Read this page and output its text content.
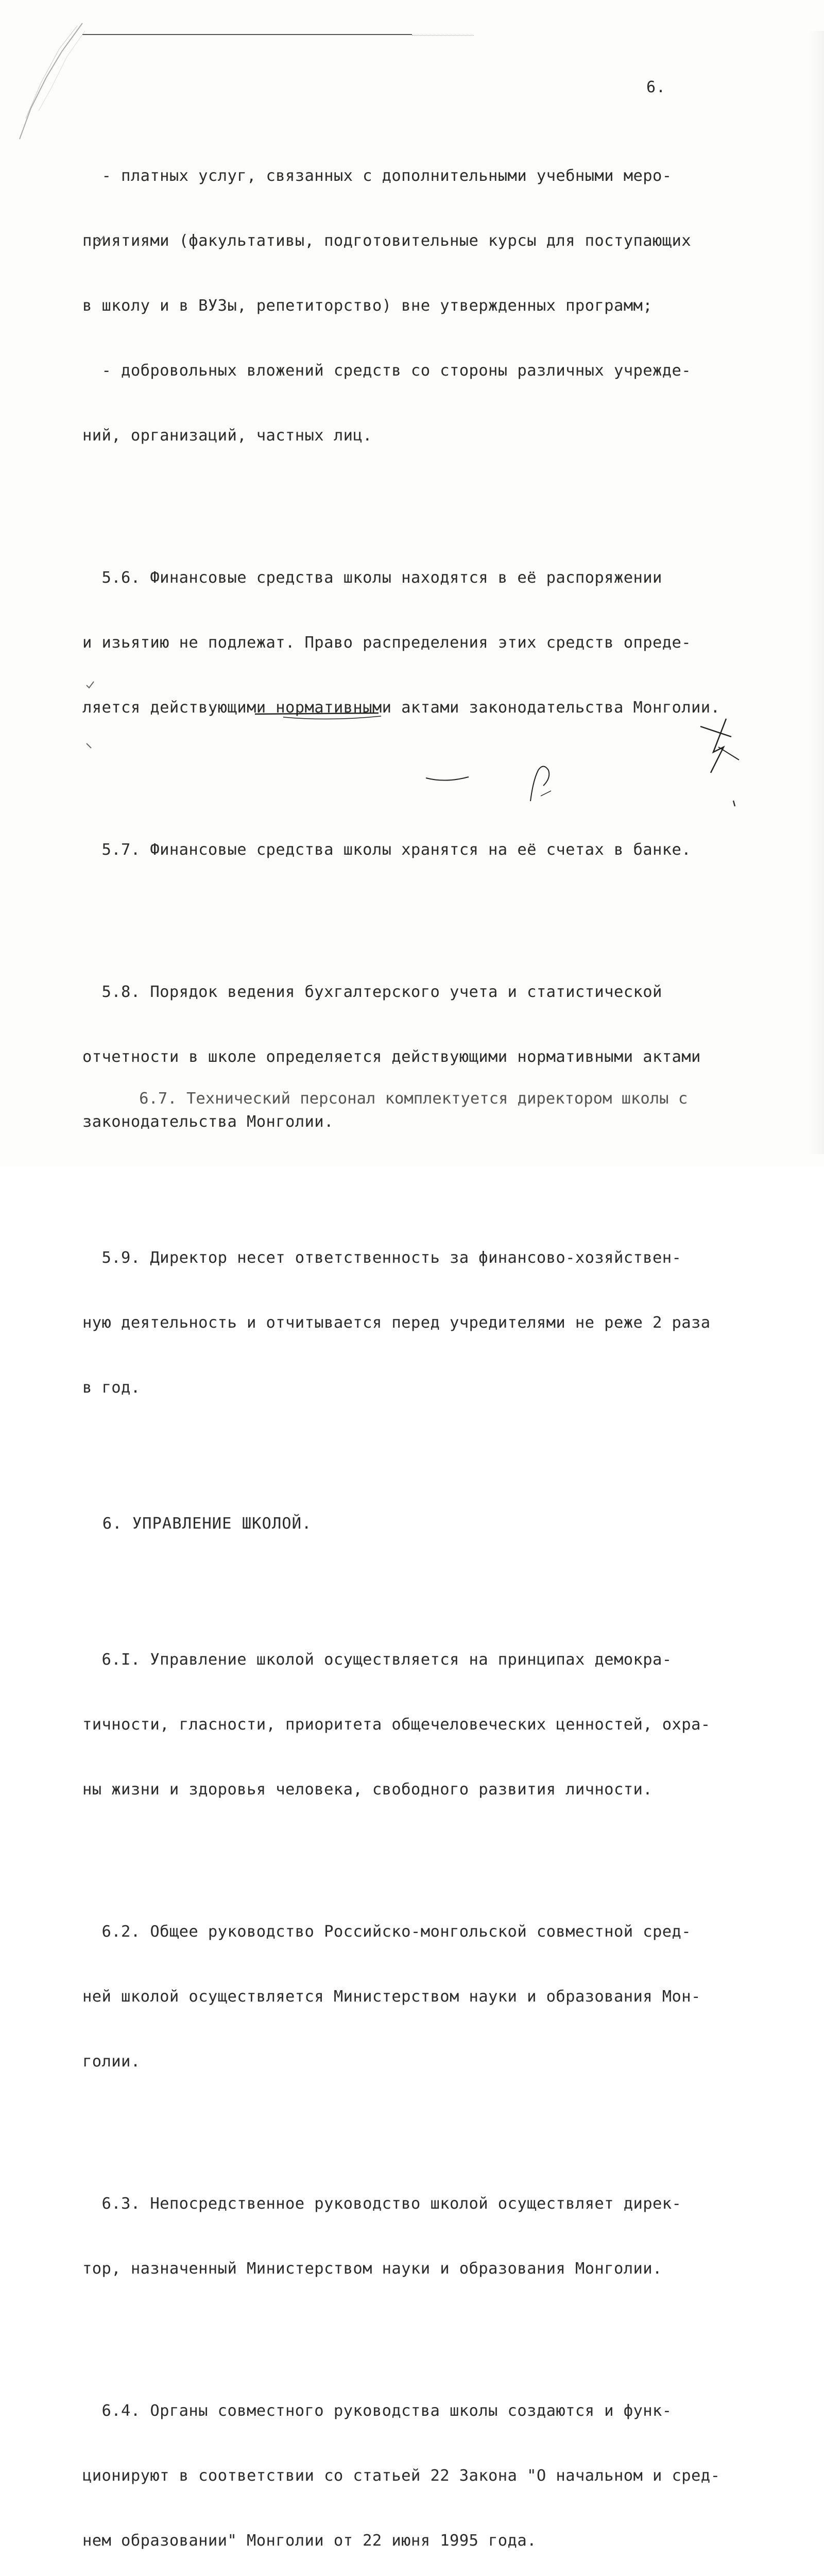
6.

- платных услуг, связанных с дополнительными учебными меро-

приятиями (факультативы, подготовительные курсы для поступающих

в школу и в ВУЗы, репетиторство) вне утвержденных программ;

- добровольных вложений средств со стороны различных учрежде-

ний, организаций, частных лиц.

5.6. Финансовые средства школы находятся в её распоряжении

и изьятию не подлежат. Право распределения этих средств опреде-

ляется действующими нормативными актами законодательства Монголии.

5.7. Финансовые средства школы хранятся на её счетах в банке.

5.8. Порядок ведения бухгалтерского учета и статистической

отчетности в школе определяется действующими нормативными актами

законодательства Монголии.

5.9. Директор несет ответственность за финансово-хозяйствен-

ную деятельность и отчитывается перед учредителями не реже 2 раза

в год.

6. УПРАВЛЕНИЕ ШКОЛОЙ.

6.I. Управление школой осуществляется на принципах демокра-

тичности, гласности, приоритета общечеловеческих ценностей, охра-

ны жизни и здоровья человека, свободного развития личности.

6.2. Общее руководство Российско-монгольской совместной сред-

ней школой осуществляется Министерством науки и образования Мон-

голии.

6.3. Непосредственное руководство школой осуществляет дирек-

тор, назначенный Министерством науки и образования Монголии.

6.4. Органы совместного руководства школы создаются и функ-

ционируют в соответствии со статьей 22 Закона "О начальном и сред-

нем образовании" Монголии от 22 июня 1995 года.

6.7. Технический персонал комплектуется директором школы с
